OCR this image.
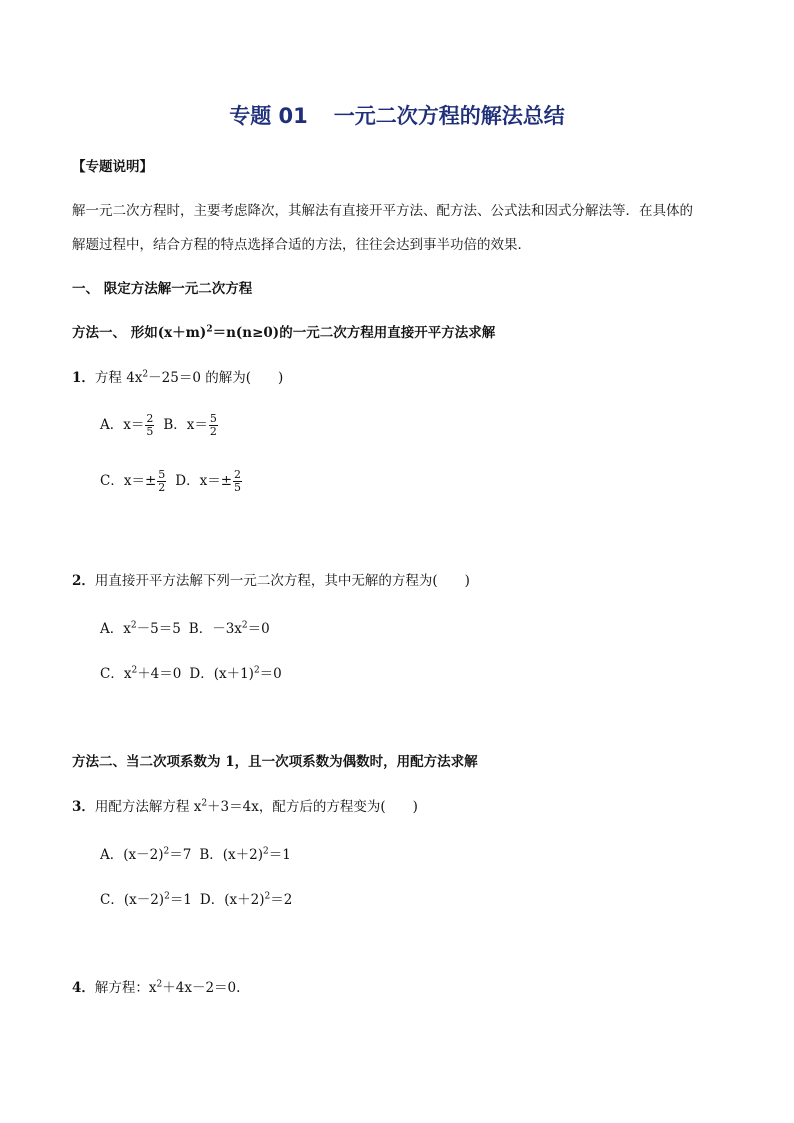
专题 01 一元二次方程的解法总结
【专题说明】
解一元二次方程时，主要考虑降次，其解法有直接开平方法、配方法、公式法和因式分解法等．在具体的
解题过程中，结合方程的特点选择合适的方法，往往会达到事半功倍的效果．
一、 限定方法解一元二次方程
方法一、 形如$(x+m)^2=n(n\ge 0)$的一元二次方程用直接开平方法求解
1．方程 $4x^2-25=0$ 的解为(　　)
A．$x= \frac{2}{5}$ B．$x= \frac{5}{2}$
C．$x=\pm \frac{5}{2}$ D．$x=\pm \frac{2}{5}$
2．用直接开平方法解下列一元二次方程，其中无解的方程为(　　)
A．$x^2-5=5$ B．$-3x^2=0$
C．$x^2+4=0$ D．$(x+1)^2=0$
方法二、当二次项系数为 1，且一次项系数为偶数时，用配方法求解
3．用配方法解方程 $x^2+3=4x$，配方后的方程变为(　　)
A．$(x-2)^2=7$ B．$(x+2)^2=1$
C．$(x-2)^2=1$ D．$(x+2)^2=2$
4．解方程：$x^2+4x-2=0$.
